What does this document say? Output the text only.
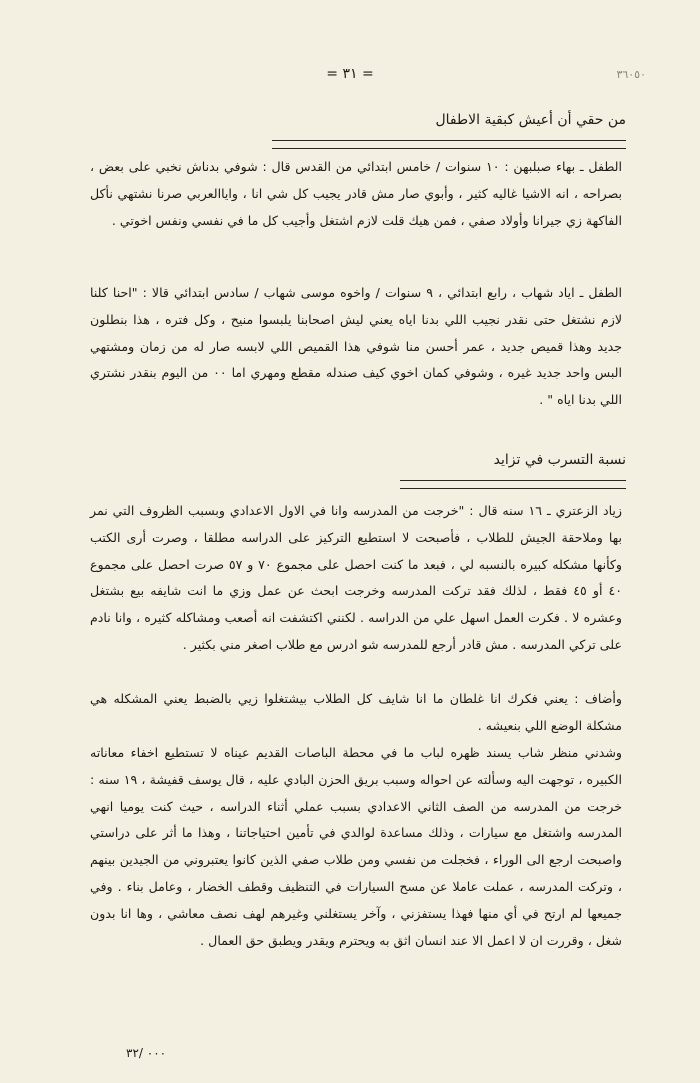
= ٣١ =	٣٦٠٥٠
من حقي أن أعيش كبقية الاطفال
الطفل ـ بهاء صبلبهن : ١٠ سنوات / خامس ابتدائي من القدس قال : شوفي بدناش نخبي على بعض ، بصراحه ، انه الاشيا غاليه كثير ، وأبوي صار مش قادر يجيب كل شي انا ، واياالعربي صرنا نشتهي نأكل الفاكهة زي جيرانا وأولاد صفي ، فمن هيك قلت لازم اشتغل وأجيب كل ما في نفسي ونفس اخوتي .
الطفل ـ اياد شهاب ، رابع ابتدائي ، ٩ سنوات / واخوه موسى شهاب / سادس ابتدائي قالا : "احنا كلنا لازم نشتغل حتى نقدر نجيب اللي بدنا اياه يعني ليش اصحابنا يلبسوا منيح ، وكل فتره ، هذا بنطلون جديد وهذا قميص جديد ، عمر أحسن منا شوفي هذا القميص اللي لابسه صار له من زمان ومشتهي البس واحد جديد غيره ، وشوفي كمان اخوي كيف صندله مقطع ومهري اما ٠٠ من اليوم بنقدر نشتري اللي بدنا اياه " .
نسبة التسرب في تزايد
زياد الزعتري ـ ١٦ سنه قال : "خرجت من المدرسه وانا في الاول الاعدادي وبسبب الظروف التي نمر بها وملاحقة الجيش للطلاب ، فأصبحت لا استطيع التركيز على الدراسه مطلقا ، وصرت أرى الكتب وكأنها مشكله كبيره بالنسبه لي ، فبعد ما كنت احصل على مجموع ٧٠ و ٥٧ صرت احصل على مجموع ٤٠ أو ٤٥ فقط ، لذلك فقد تركت المدرسه وخرجت ابحث عن عمل وزي ما انت شايفه بيع بشتغل وعشره لا . فكرت العمل اسهل علي من الدراسه . لكنني اكتشفت انه أصعب ومشاكله كثيره ، وانا نادم على تركي المدرسه . مش قادر أرجع للمدرسه شو ادرس مع طلاب اصغر مني بكثير .
وأضاف : يعني فكرك انا غلطان ما انا شايف كل الطلاب بيشتغلوا زيي بالضبط يعني المشكله هي مشكلة الوضع اللي بنعيشه .
وشدني منظر شاب يسند ظهره لباب ما في محطة الباصات القديم عيناه لا تستطيع اخفاء معاناته الكبيره ، توجهت اليه وسألته عن احواله وسبب بريق الحزن البادي عليه ، قال يوسف قفيشة ، ١٩ سنه : خرجت من المدرسه من الصف الثاني الاعدادي بسبب عملي أثناء الدراسه ، حيث كنت يوميا انهي المدرسه واشتغل مع سيارات ، وذلك مساعدة لوالدي في تأمين احتياجاتنا ، وهذا ما أثر على دراستي واصبحت ارجع الى الوراء ، فخجلت من نفسي ومن طلاب صفي الذين كانوا يعتبروني من الجيدين بينهم ، وتركت المدرسه ، عملت عاملا عن مسح السيارات في التنظيف وقطف الخضار ، وعامل بناء . وفي جميعها لم ارتح في أي منها فهذا يستفزني ، وآخر يستغلني وغيرهم لهف نصف معاشي ، وها انا بدون شغل ، وقررت ان لا اعمل الا عند انسان اثق به ويحترم ويقدر ويطبق حق العمال .
٠٠٠ /٣٢
